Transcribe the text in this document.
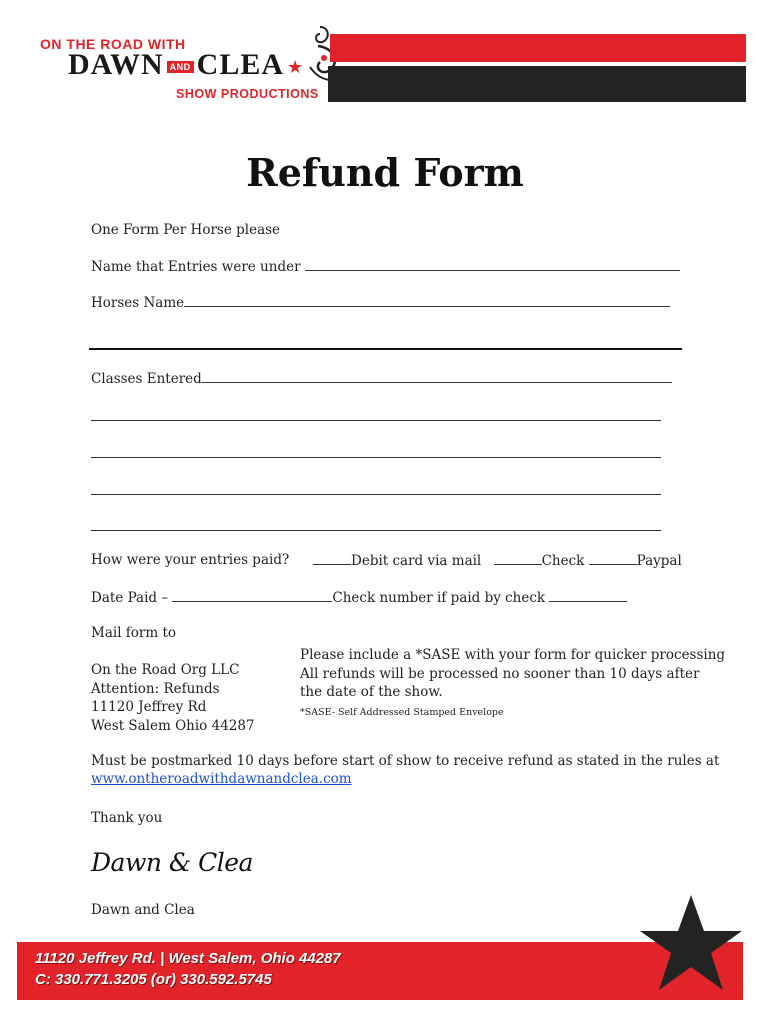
ON THE ROAD WITH
DAWN AND CLEA ★
SHOW PRODUCTIONS
Refund Form
One Form Per Horse please
Name that Entries were under
Horses Name
Classes Entered
How were your entries paid?	Debit card via mail	Check	Paypal
Date Paid –	Check number if paid by check
Mail form to
On the Road Org LLC
Attention: Refunds
11120 Jeffrey Rd
West Salem Ohio 44287
Please include a *SASE with your form for quicker processing
All refunds will be processed no sooner than 10 days after
the date of the show.
*SASE- Self Addressed Stamped Envelope
Must be postmarked 10 days before start of show to receive refund as stated in the rules at
www.ontheroadwithdawnandclea.com
Thank you
Dawn & Clea
Dawn and Clea
11120 Jeffrey Rd. | West Salem, Ohio 44287
C: 330.771.3205 (or) 330.592.5745
